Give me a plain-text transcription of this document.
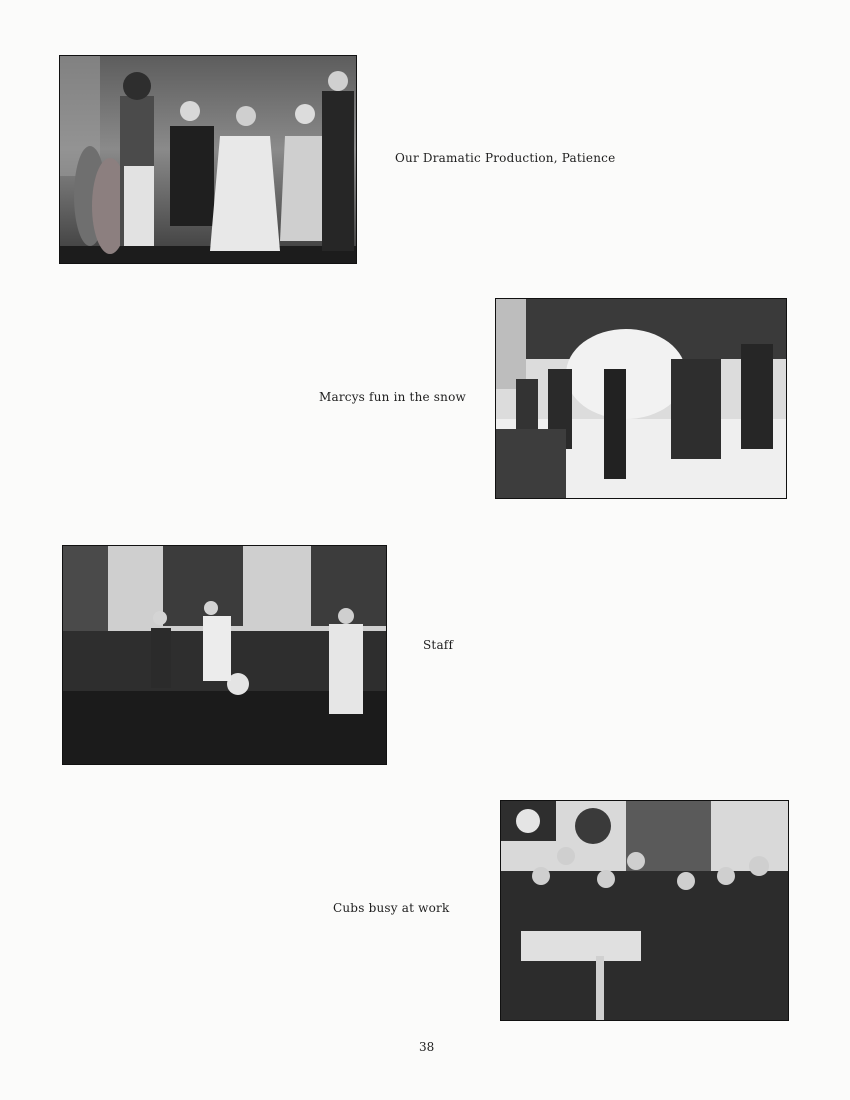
Our Dramatic Production, Patience
Marcys fun in the snow
Staff
Cubs busy at work
38
